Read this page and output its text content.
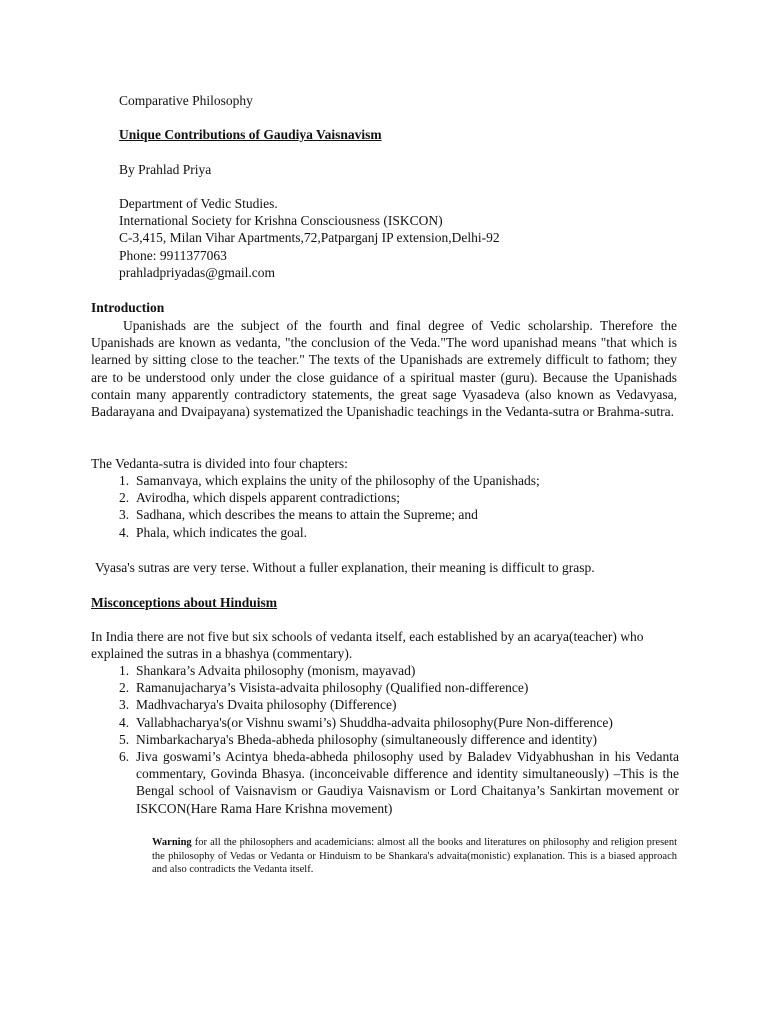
Comparative Philosophy

Unique Contributions of Gaudiya Vaisnavism

By Prahlad Priya

Department of Vedic Studies.
International Society for Krishna Consciousness (ISKCON)
C-3,415, Milan Vihar Apartments,72,Patparganj IP extension,Delhi-92
Phone: 9911377063
prahladpriyadas@gmail.com

Introduction

Upanishads are the subject of the fourth and final degree of Vedic scholarship. Therefore the Upanishads are known as vedanta, "the conclusion of the Veda."The word upanishad means "that which is learned by sitting close to the teacher." The texts of the Upanishads are extremely difficult to fathom; they are to be understood only under the close guidance of a spiritual master (guru). Because the Upanishads contain many apparently contradictory statements, the great sage Vyasadeva (also known as Vedavyasa, Badarayana and Dvaipayana) systematized the Upanishadic teachings in the Vedanta-sutra or Brahma-sutra.

The Vedanta-sutra is divided into four chapters:

1. Samanvaya, which explains the unity of the philosophy of the Upanishads;
2. Avirodha, which dispels apparent contradictions;
3. Sadhana, which describes the means to attain the Supreme; and
4. Phala, which indicates the goal.

Vyasa's sutras are very terse. Without a fuller explanation, their meaning is difficult to grasp.

Misconceptions about Hinduism

In India there are not five but six schools of vedanta itself, each established by an acarya(teacher) who explained the sutras in a bhashya (commentary).

1. Shankara’s Advaita philosophy (monism, mayavad)
2. Ramanujacharya’s Visista-advaita philosophy (Qualified non-difference)
3. Madhvacharya's Dvaita philosophy (Difference)
4. Vallabhacharya's(or Vishnu swami’s) Shuddha-advaita philosophy(Pure Non-difference)
5. Nimbarkacharya's Bheda-abheda philosophy (simultaneously difference and identity)
6. Jiva goswami’s Acintya bheda-abheda philosophy used by Baladev Vidyabhushan in his Vedanta commentary, Govinda Bhasya. (inconceivable difference and identity simultaneously) –This is the Bengal school of Vaisnavism or Gaudiya Vaisnavism or Lord Chaitanya’s Sankirtan movement or ISKCON(Hare Rama Hare Krishna movement)

Warning for all the philosophers and academicians: almost all the books and literatures on philosophy and religion present the philosophy of Vedas or Vedanta or Hinduism to be Shankara's advaita(monistic) explanation. This is a biased approach and also contradicts the Vedanta itself.
